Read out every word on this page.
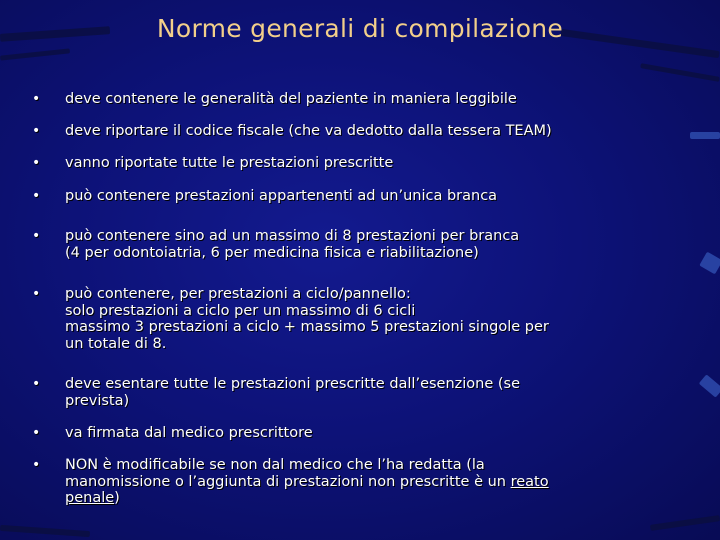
Norme generali di compilazione
• deve contenere le generalità del paziente in maniera leggibile
• deve riportare il codice fiscale (che va dedotto dalla tessera TEAM)
• vanno riportate tutte le prestazioni prescritte
• può contenere prestazioni appartenenti ad un’unica branca
• può contenere sino ad un massimo di 8 prestazioni per branca
(4 per odontoiatria, 6 per medicina fisica e riabilitazione)
• può contenere, per prestazioni a ciclo/pannello:
solo prestazioni a ciclo per un massimo di 6 cicli
massimo 3 prestazioni a ciclo + massimo 5 prestazioni singole per
un totale di 8.
• deve esentare tutte le prestazioni prescritte dall’esenzione (se
prevista)
• va firmata dal medico prescrittore
• NON è modificabile se non dal medico che l’ha redatta (la
manomissione o l’aggiunta di prestazioni non prescritte è un reato
penale)
